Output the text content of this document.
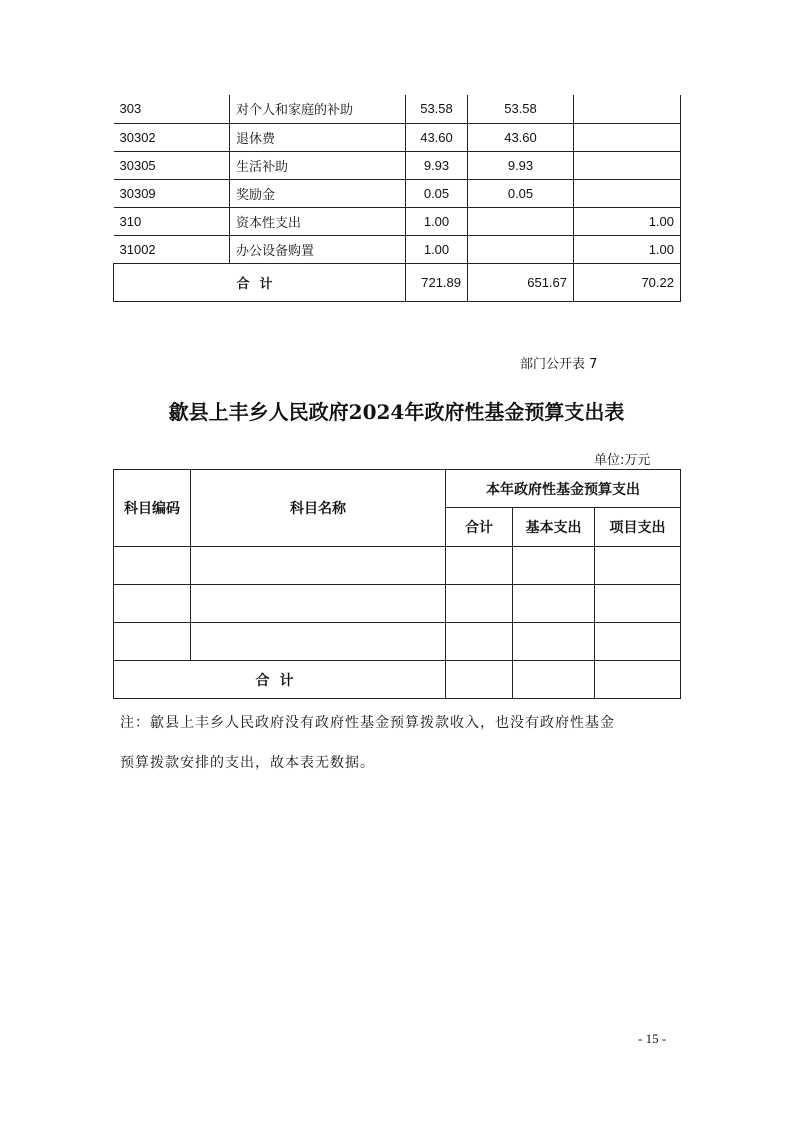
303	对个人和家庭的补助	53.58	53.58	
30302	退休费	43.60	43.60	
30305	生活补助	9.93	9.93	
30309	奖励金	0.05	0.05	
310	资本性支出	1.00		1.00
31002	办公设备购置	1.00		1.00
合计		721.89	651.67	70.22
部门公开表 7
歙县上丰乡人民政府2024年政府性基金预算支出表
单位:万元
科目编码	科目名称	本年政府性基金预算支出		
		合计	基本支出	项目支出

合计				
注：歙县上丰乡人民政府没有政府性基金预算拨款收入，也没有政府性基金
预算拨款安排的支出，故本表无数据。
- 15 -
